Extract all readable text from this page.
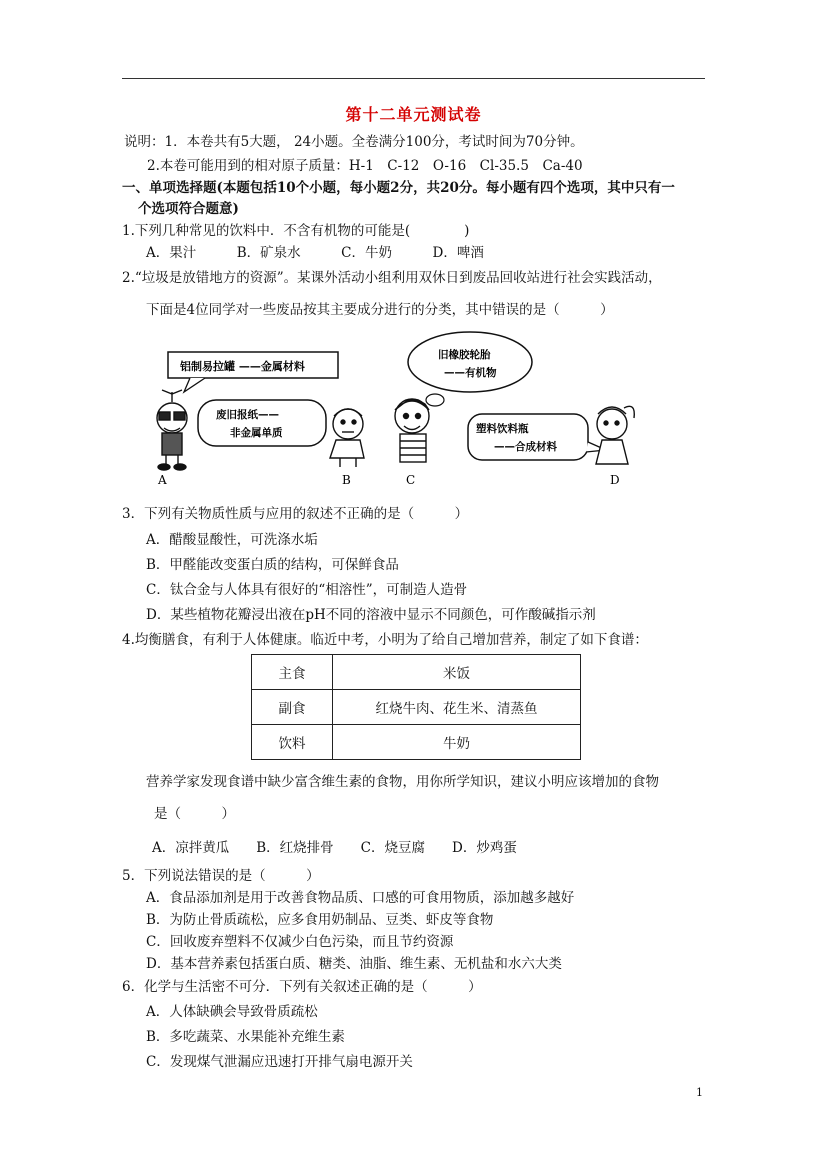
第十二单元测试卷
说明：1．本卷共有5大题， 24小题。全卷满分100分，考试时间为70分钟。
2.本卷可能用到的相对原子质量：H-1　C-12　O-16　Cl-35.5　Ca-40
一、单项选择题(本题包括10个小题，每小题2分，共20分。每小题有四个选项，其中只有一
个选项符合题意)
1.下列几种常见的饮料中．不含有机物的可能是(　　　　)
A．果汁　　　B．矿泉水　　　C．牛奶　　　D．啤酒
2.“垃圾是放错地方的资源”。某课外活动小组利用双休日到废品回收站进行社会实践活动，
下面是4位同学对一些废品按其主要成分进行的分类，其中错误的是（　　　）
铝制易拉罐 ——金属材料
废旧报纸——
非金属单质
旧橡胶轮胎
——有机物
塑料饮料瓶
——合成材料
A	B	C	D
3．下列有关物质性质与应用的叙述不正确的是（　　　）
A．醋酸显酸性，可洗涤水垢
B．甲醛能改变蛋白质的结构，可保鲜食品
C．钛合金与人体具有很好的“相溶性”，可制造人造骨
D．某些植物花瓣浸出液在pH不同的溶液中显示不同颜色，可作酸碱指示剂
4.均衡膳食，有利于人体健康。临近中考，小明为了给自己增加营养，制定了如下食谱：
主食	米饭
副食	红烧牛肉、花生米、清蒸鱼
饮料	牛奶
营养学家发现食谱中缺少富含维生素的食物，用你所学知识，建议小明应该增加的食物
是（　　　）
A．凉拌黄瓜　　B．红烧排骨　　C．烧豆腐　　D．炒鸡蛋
5．下列说法错误的是（　　　）
A．食品添加剂是用于改善食物品质、口感的可食用物质，添加越多越好
B．为防止骨质疏松，应多食用奶制品、豆类、虾皮等食物
C．回收废弃塑料不仅减少白色污染，而且节约资源
D．基本营养素包括蛋白质、糖类、油脂、维生素、无机盐和水六大类
6．化学与生活密不可分．下列有关叙述正确的是（　　　）
A．人体缺碘会导致骨质疏松
B．多吃蔬菜、水果能补充维生素
C．发现煤气泄漏应迅速打开排气扇电源开关
1
